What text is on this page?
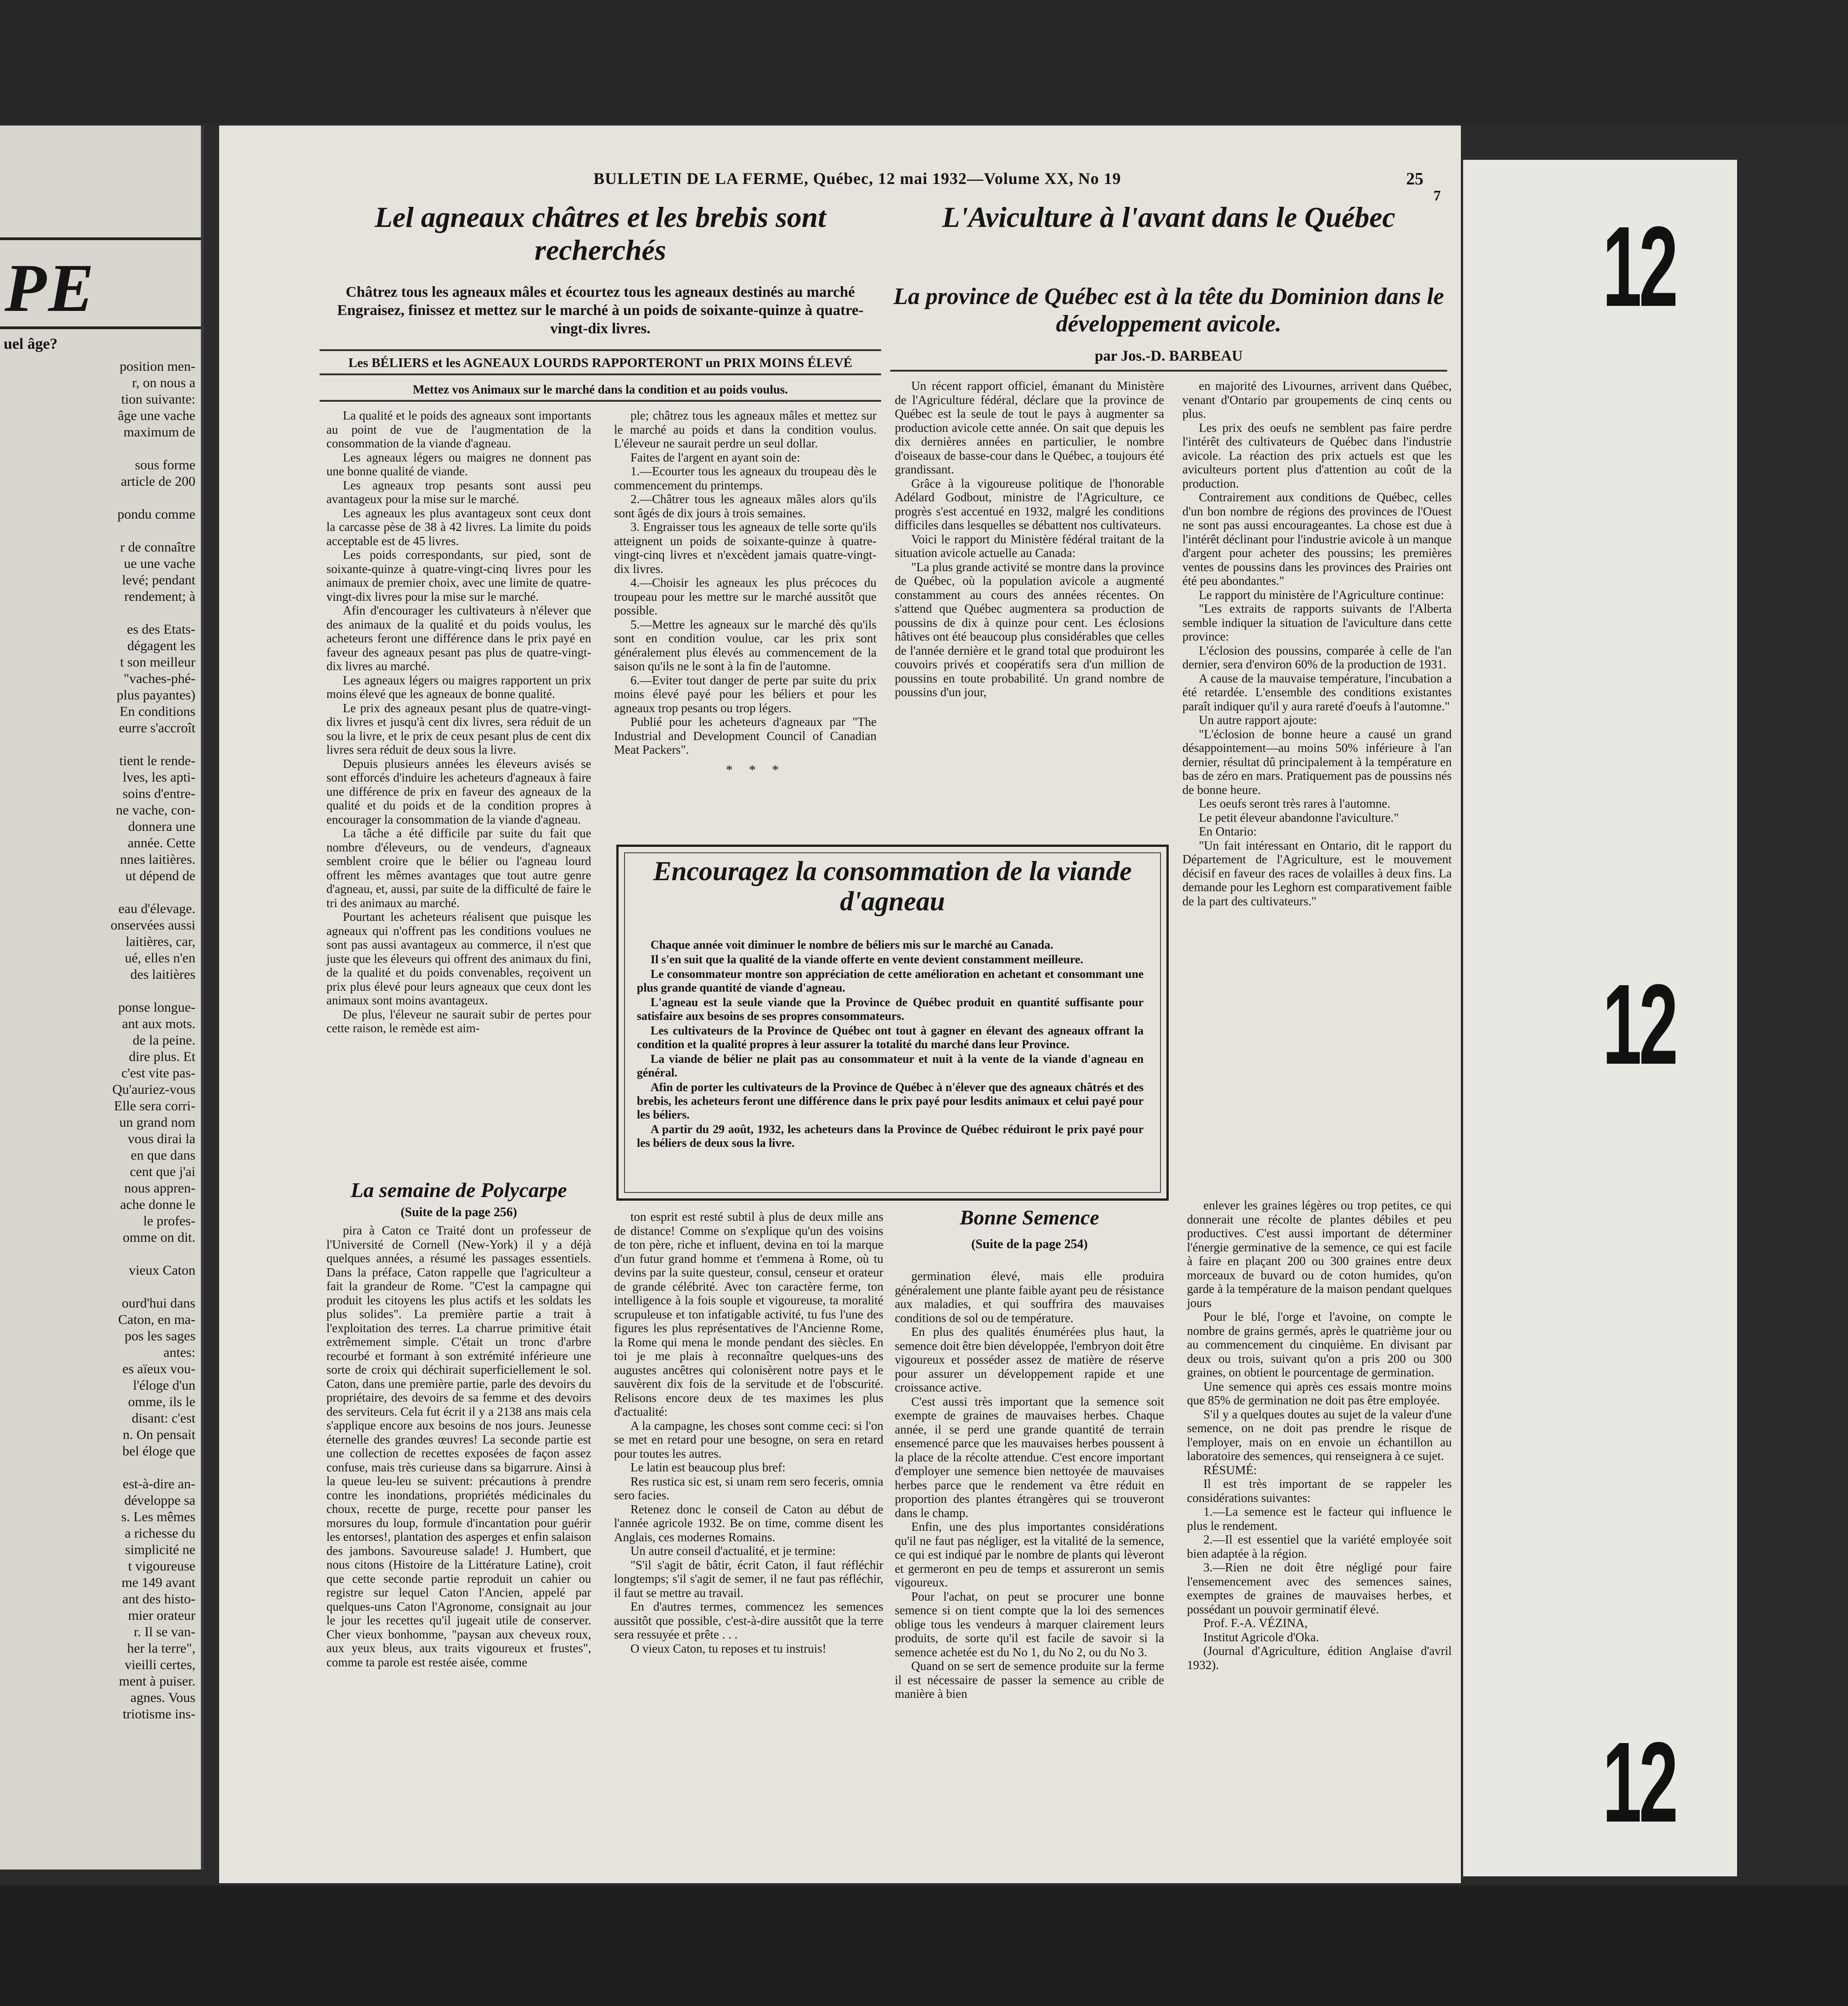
PE
uel âge?
position men-
r, on nous a
tion suivante:
âge une vache
maximum de

sous forme
article de 200

pondu comme

r de connaître
ue une vache
levé; pendant
rendement; à

es des Etats-
dégagent les
t son meilleur
"vaches-phé-
plus payantes)
En conditions
eurre s'accroît

tient le rende-
lves, les apti-
soins d'entre-
ne vache, con-
donnera une
année. Cette
nnes laitières.
ut dépend de

eau d'élevage.
onservées aussi
laitières, car,
ué, elles n'en
des laitières

ponse longue-
ant aux mots.
de la peine.
dire plus. Et
c'est vite pas-
Qu'auriez-vous
Elle sera corri-
un grand nom
vous dirai la
en que dans
cent que j'ai
nous appren-
ache donne le
le profes-
omme on dit.

vieux Caton

ourd'hui dans
Caton, en ma-
pos les sages
antes:
es aïeux vou-
l'éloge d'un
omme, ils le
disant: c'est
n. On pensait
bel éloge que

est-à-dire an-
développe sa
s. Les mêmes
a richesse du
simplicité ne
t vigoureuse
me 149 avant
ant des histo-
mier orateur
r. Il se van-
her la terre",
vieilli certes,
ment à puiser.
agnes. Vous
triotisme ins-
12
12
12
BULLETIN DE LA FERME, Québec, 12 mai 1932—Volume XX, No 19	25
7
Lel agneaux châtres et les brebis sont recherchés
Châtrez tous les agneaux mâles et écourtez tous les agneaux destinés au marché Engraisez, finissez et mettez sur le marché à un poids de soixante-quinze à quatre-vingt-dix livres.
Les BÉLIERS et les AGNEAUX LOURDS RAPPORTERONT un PRIX MOINS ÉLEVÉ
Mettez vos Animaux sur le marché dans la condition et au poids voulus.

La qualité et le poids des agneaux sont importants au point de vue de l'augmentation de la consommation de la viande d'agneau.

Les agneaux légers ou maigres ne donnent pas une bonne qualité de viande.

Les agneaux trop pesants sont aussi peu avantageux pour la mise sur le marché.

Les agneaux les plus avantageux sont ceux dont la carcasse pèse de 38 à 42 livres. La limite du poids acceptable est de 45 livres.

Les poids correspondants, sur pied, sont de soixante-quinze à quatre-vingt-cinq livres pour les animaux de premier choix, avec une limite de quatre-vingt-dix livres pour la mise sur le marché.

Afin d'encourager les cultivateurs à n'élever que des animaux de la qualité et du poids voulus, les acheteurs feront une différence dans le prix payé en faveur des agneaux pesant pas plus de quatre-vingt-dix livres au marché.

Les agneaux légers ou maigres rapportent un prix moins élevé que les agneaux de bonne qualité.

Le prix des agneaux pesant plus de quatre-vingt-dix livres et jusqu'à cent dix livres, sera réduit de un sou la livre, et le prix de ceux pesant plus de cent dix livres sera réduit de deux sous la livre.

Depuis plusieurs années les éleveurs avisés se sont efforcés d'induire les acheteurs d'agneaux à faire une différence de prix en faveur des agneaux de la qualité et du poids et de la condition propres à encourager la consommation de la viande d'agneau.

La tâche a été difficile par suite du fait que nombre d'éleveurs, ou de vendeurs, d'agneaux semblent croire que le bélier ou l'agneau lourd offrent les mêmes avantages que tout autre genre d'agneau, et, aussi, par suite de la difficulté de faire le tri des animaux au marché.

Pourtant les acheteurs réalisent que puisque les agneaux qui n'offrent pas les conditions voulues ne sont pas aussi avantageux au commerce, il n'est que juste que les éleveurs qui offrent des animaux du fini, de la qualité et du poids convenables, reçoivent un prix plus élevé pour leurs agneaux que ceux dont les animaux sont moins avantageux.

De plus, l'éleveur ne saurait subir de pertes pour cette raison, le remède est aim-

ple; châtrez tous les agneaux mâles et mettez sur le marché au poids et dans la condition voulus. L'éleveur ne saurait perdre un seul dollar.

Faites de l'argent en ayant soin de:

1.—Ecourter tous les agneaux du troupeau dès le commencement du printemps.

2.—Châtrer tous les agneaux mâles alors qu'ils sont âgés de dix jours à trois semaines.

3. Engraisser tous les agneaux de telle sorte qu'ils atteignent un poids de soixante-quinze à quatre-vingt-cinq livres et n'excèdent jamais quatre-vingt-dix livres.

4.—Choisir les agneaux les plus précoces du troupeau pour les mettre sur le marché aussitôt que possible.

5.—Mettre les agneaux sur le marché dès qu'ils sont en condition voulue, car les prix sont généralement plus élevés au commencement de la saison qu'ils ne le sont à la fin de l'automne.

6.—Eviter tout danger de perte par suite du prix moins élevé payé pour les béliers et pour les agneaux trop pesants ou trop légers.

Publié pour les acheteurs d'agneaux par "The Industrial and Development Council of Canadian Meat Packers".

* * *
L'Aviculture à l'avant dans le Québec
La province de Québec est à la tête du Dominion dans le développement avicole.
par Jos.-D. BARBEAU

Un récent rapport officiel, émanant du Ministère de l'Agriculture fédéral, déclare que la province de Québec est la seule de tout le pays à augmenter sa production avicole cette année. On sait que depuis les dix dernières années en particulier, le nombre d'oiseaux de basse-cour dans le Québec, a toujours été grandissant.

Grâce à la vigoureuse politique de l'honorable Adélard Godbout, ministre de l'Agriculture, ce progrès s'est accentué en 1932, malgré les conditions difficiles dans lesquelles se débattent nos cultivateurs.

Voici le rapport du Ministère fédéral traitant de la situation avicole actuelle au Canada:

"La plus grande activité se montre dans la province de Québec, où la population avicole a augmenté constamment au cours des années récentes. On s'attend que Québec augmentera sa production de poussins de dix à quinze pour cent. Les éclosions hâtives ont été beaucoup plus considérables que celles de l'année dernière et le grand total que produiront les couvoirs privés et coopératifs sera d'un million de poussins en toute probabilité. Un grand nombre de poussins d'un jour,

en majorité des Livournes, arrivent dans Québec, venant d'Ontario par groupements de cinq cents ou plus.

Les prix des oeufs ne semblent pas faire perdre l'intérêt des cultivateurs de Québec dans l'industrie avicole. La réaction des prix actuels est que les aviculteurs portent plus d'attention au coût de la production.

Contrairement aux conditions de Québec, celles d'un bon nombre de régions des provinces de l'Ouest ne sont pas aussi encourageantes. La chose est due à l'intérêt déclinant pour l'industrie avicole à un manque d'argent pour acheter des poussins; les premières ventes de poussins dans les provinces des Prairies ont été peu abondantes."

Le rapport du ministère de l'Agriculture continue:

"Les extraits de rapports suivants de l'Alberta semble indiquer la situation de l'aviculture dans cette province:

L'éclosion des poussins, comparée à celle de l'an dernier, sera d'environ 60% de la production de 1931.

A cause de la mauvaise température, l'incubation a été retardée. L'ensemble des conditions existantes paraît indiquer qu'il y aura rareté d'oeufs à l'automne."

Un autre rapport ajoute:

"L'éclosion de bonne heure a causé un grand désappointement—au moins 50% inférieure à l'an dernier, résultat dû principalement à la température en bas de zéro en mars. Pratiquement pas de poussins nés de bonne heure.

Les oeufs seront très rares à l'automne.

Le petit éleveur abandonne l'aviculture."

En Ontario:

"Un fait intéressant en Ontario, dit le rapport du Département de l'Agriculture, est le mouvement décisif en faveur des races de volailles à deux fins. La demande pour les Leghorn est comparativement faible de la part des cultivateurs."

Encouragez la consommation de la viande d'agneau

Chaque année voit diminuer le nombre de béliers mis sur le marché au Canada.

Il s'en suit que la qualité de la viande offerte en vente devient constamment meilleure.

Le consommateur montre son appréciation de cette amélioration en achetant et consommant une plus grande quantité de viande d'agneau.

L'agneau est la seule viande que la Province de Québec produit en quantité suffisante pour satisfaire aux besoins de ses propres consommateurs.

Les cultivateurs de la Province de Québec ont tout à gagner en élevant des agneaux offrant la condition et la qualité propres à leur assurer la totalité du marché dans leur Province.

La viande de bélier ne plait pas au consommateur et nuit à la vente de la viande d'agneau en général.

Afin de porter les cultivateurs de la Province de Québec à n'élever que des agneaux châtrés et des brebis, les acheteurs feront une différence dans le prix payé pour lesdits animaux et celui payé pour les béliers.

A partir du 29 août, 1932, les acheteurs dans la Province de Québec réduiront le prix payé pour les béliers de deux sous la livre.

La semaine de Polycarpe
(Suite de la page 256)

pira à Caton ce Traité dont un professeur de l'Université de Cornell (New-York) il y a déjà quelques années, a résumé les passages essentiels. Dans la préface, Caton rappelle que l'agriculteur a fait la grandeur de Rome. "C'est la campagne qui produit les citoyens les plus actifs et les soldats les plus solides". La première partie a trait à l'exploitation des terres. La charrue primitive était extrêmement simple. C'était un tronc d'arbre recourbé et formant à son extrémité inférieure une sorte de croix qui déchirait superficiellement le sol. Caton, dans une première partie, parle des devoirs du propriétaire, des devoirs de sa femme et des devoirs des serviteurs. Cela fut écrit il y a 2138 ans mais cela s'applique encore aux besoins de nos jours. Jeunesse éternelle des grandes œuvres! La seconde partie est une collection de recettes exposées de façon assez confuse, mais très curieuse dans sa bigarrure. Ainsi à la queue leu-leu se suivent: précautions à prendre contre les inondations, propriétés médicinales du choux, recette de purge, recette pour panser les morsures du loup, formule d'incantation pour guérir les entorses!, plantation des asperges et enfin salaison des jambons. Savoureuse salade! J. Humbert, que nous citons (Histoire de la Littérature Latine), croit que cette seconde partie reproduit un cahier ou registre sur lequel Caton l'Ancien, appelé par quelques-uns Caton l'Agronome, consignait au jour le jour les recettes qu'il jugeait utile de conserver. Cher vieux bonhomme, "paysan aux cheveux roux, aux yeux bleus, aux traits vigoureux et frustes", comme ta parole est restée aisée, comme

ton esprit est resté subtil à plus de deux mille ans de distance! Comme on s'explique qu'un des voisins de ton père, riche et influent, devina en toi la marque d'un futur grand homme et t'emmena à Rome, où tu devins par la suite questeur, consul, censeur et orateur de grande célébrité. Avec ton caractère ferme, ton intelligence à la fois souple et vigoureuse, ta moralité scrupuleuse et ton infatigable activité, tu fus l'une des figures les plus représentatives de l'Ancienne Rome, la Rome qui mena le monde pendant des siècles. En toi je me plais à reconnaître quelques-uns des augustes ancêtres qui colonisèrent notre pays et le sauvèrent dix fois de la servitude et de l'obscurité. Relisons encore deux de tes maximes les plus d'actualité:

A la campagne, les choses sont comme ceci: si l'on se met en retard pour une besogne, on sera en retard pour toutes les autres.

Le latin est beaucoup plus bref:

Res rustica sic est, si unam rem sero feceris, omnia sero facies.

Retenez donc le conseil de Caton au début de l'année agricole 1932. Be on time, comme disent les Anglais, ces modernes Romains.

Un autre conseil d'actualité, et je termine:

"S'il s'agit de bâtir, écrit Caton, il faut réfléchir longtemps; s'il s'agit de semer, il ne faut pas réfléchir, il faut se mettre au travail.

En d'autres termes, commencez les semences aussitôt que possible, c'est-à-dire aussitôt que la terre sera ressuyée et prête . . .

O vieux Caton, tu reposes et tu instruis!

Bonne Semence
(Suite de la page 254)

germination élevé, mais elle produira généralement une plante faible ayant peu de résistance aux maladies, et qui souffrira des mauvaises conditions de sol ou de température.

En plus des qualités énumérées plus haut, la semence doit être bien développée, l'embryon doit être vigoureux et posséder assez de matière de réserve pour assurer un développement rapide et une croissance active.

C'est aussi très important que la semence soit exempte de graines de mauvaises herbes. Chaque année, il se perd une grande quantité de terrain ensemencé parce que les mauvaises herbes poussent à la place de la récolte attendue. C'est encore important d'employer une semence bien nettoyée de mauvaises herbes parce que le rendement va être réduit en proportion des plantes étrangères qui se trouveront dans le champ.

Enfin, une des plus importantes considérations qu'il ne faut pas négliger, est la vitalité de la semence, ce qui est indiqué par le nombre de plants qui lèveront et germeront en peu de temps et assureront un semis vigoureux.

Pour l'achat, on peut se procurer une bonne semence si on tient compte que la loi des semences oblige tous les vendeurs à marquer clairement leurs produits, de sorte qu'il est facile de savoir si la semence achetée est du No 1, du No 2, ou du No 3.

Quand on se sert de semence produite sur la ferme il est nécessaire de passer la semence au crible de manière à bien

enlever les graines légères ou trop petites, ce qui donnerait une récolte de plantes débiles et peu productives. C'est aussi important de déterminer l'énergie germinative de la semence, ce qui est facile à faire en plaçant 200 ou 300 graines entre deux morceaux de buvard ou de coton humides, qu'on garde à la température de la maison pendant quelques jours

Pour le blé, l'orge et l'avoine, on compte le nombre de grains germés, après le quatrième jour ou au commencement du cinquième. En divisant par deux ou trois, suivant qu'on a pris 200 ou 300 graines, on obtient le pourcentage de germination.

Une semence qui après ces essais montre moins que 85% de germination ne doit pas être employée.

S'il y a quelques doutes au sujet de la valeur d'une semence, on ne doit pas prendre le risque de l'employer, mais on en envoie un échantillon au laboratoire des semences, qui renseignera à ce sujet.

RÉSUMÉ:

Il est très important de se rappeler les considérations suivantes:

1.—La semence est le facteur qui influence le plus le rendement.

2.—Il est essentiel que la variété employée soit bien adaptée à la région.

3.—Rien ne doit être négligé pour faire l'ensemencement avec des semences saines, exemptes de graines de mauvaises herbes, et possédant un pouvoir germinatif élevé.

Prof. F.-A. VÉZINA,

Institut Agricole d'Oka.

(Journal d'Agriculture, édition Anglaise d'avril 1932).
